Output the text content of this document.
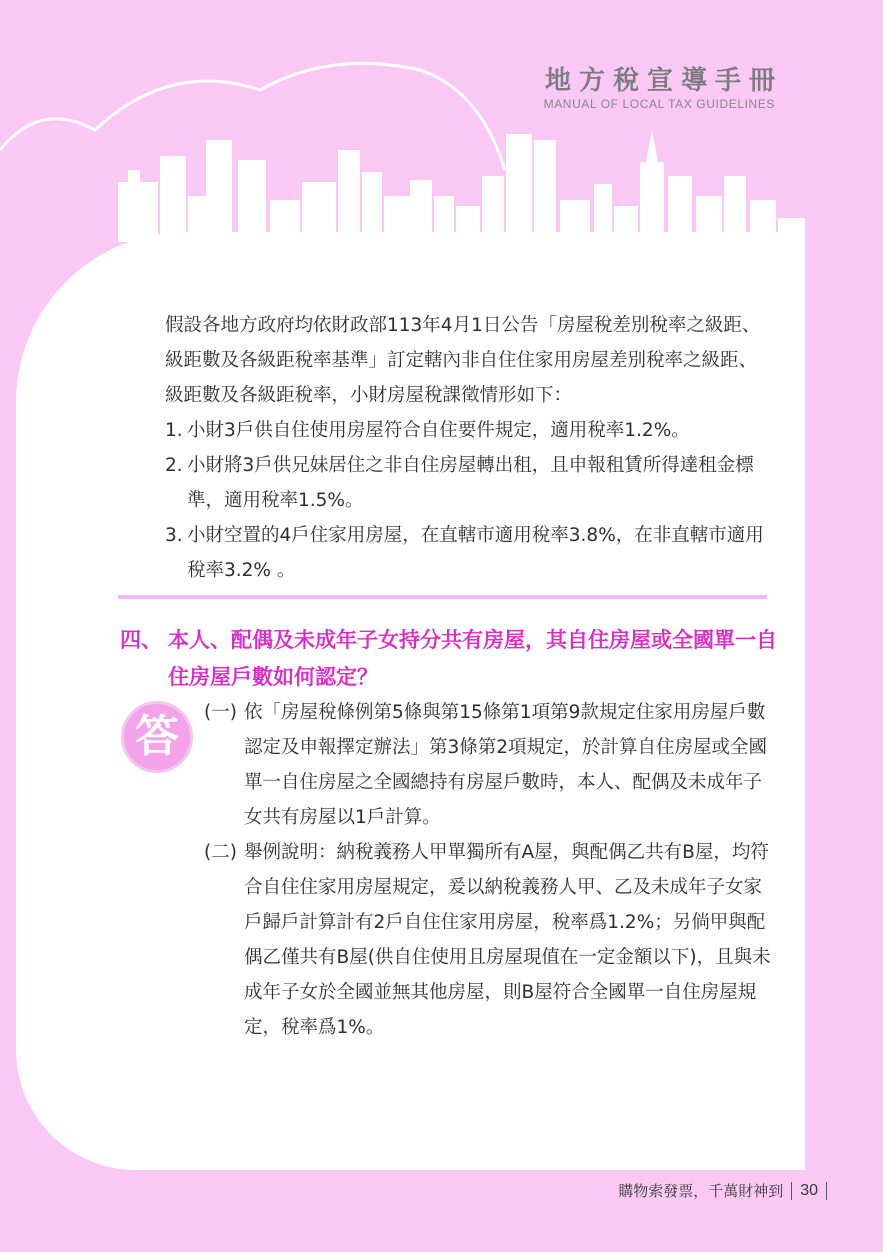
地方稅宣導手冊
MANUAL OF LOCAL TAX GUIDELINES

假設各地方政府均依財政部113年4月1日公告「房屋稅差別稅率之級距、級距數及各級距稅率基準」訂定轄內非自住住家用房屋差別稅率之級距、級距數及各級距稅率，小財房屋稅課徵情形如下：

1. 小財3戶供自住使用房屋符合自住要件規定，適用稅率1.2%。
2. 小財將3戶供兄妹居住之非自住房屋轉出租，且申報租賃所得達租金標準，適用稅率1.5%。
3. 小財空置的4戶住家用房屋，在直轄市適用稅率3.8%，在非直轄市適用稅率3.2% 。
四、 本人、配偶及未成年子女持分共有房屋，其自住房屋或全國單一自住房屋戶數如何認定？
答 (一) 依「房屋稅條例第5條與第15條第1項第9款規定住家用房屋戶數認定及申報擇定辦法」第3條第2項規定，於計算自住房屋或全國單一自住房屋之全國總持有房屋戶數時，本人、配偶及未成年子女共有房屋以1戶計算。

(二) 舉例說明：納稅義務人甲單獨所有A屋，與配偶乙共有B屋，均符合自住住家用房屋規定，爰以納稅義務人甲、乙及未成年子女家戶歸戶計算計有2戶自住住家用房屋，稅率爲1.2%；另倘甲與配偶乙僅共有B屋(供自住使用且房屋現值在一定金額以下)，且與未成年子女於全國並無其他房屋，則B屋符合全國單一自住房屋規定，稅率爲1%。

購物索發票，千萬財神到 30
